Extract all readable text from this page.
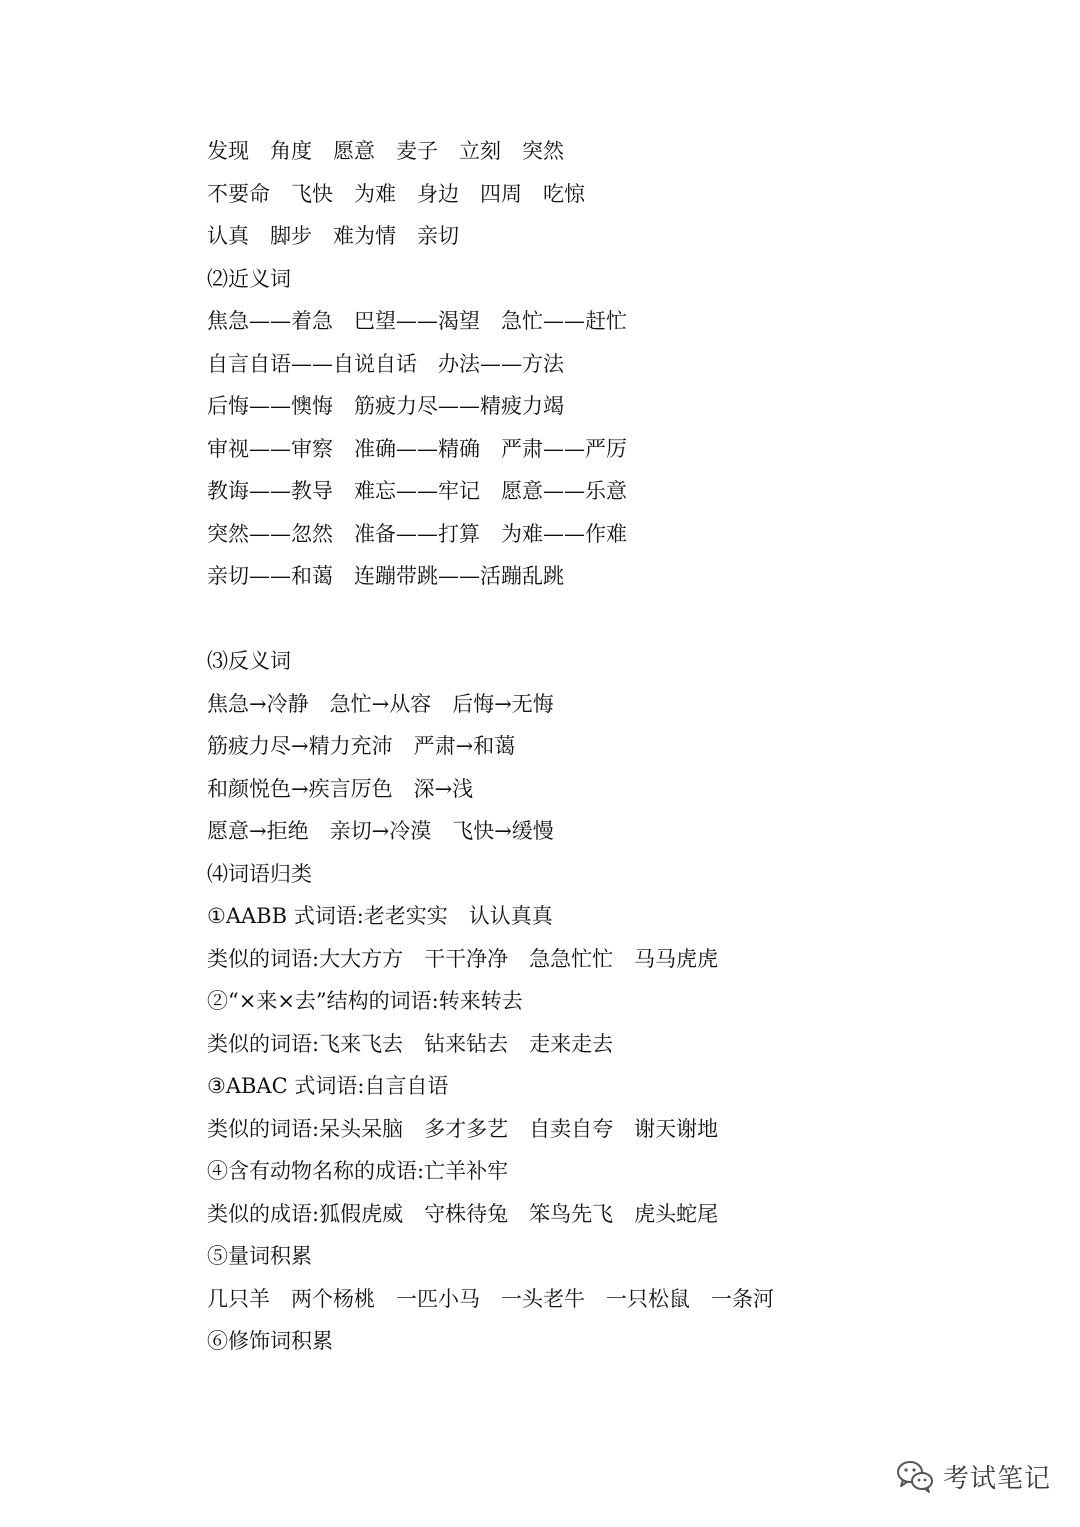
发现　角度　愿意　麦子　立刻　突然
不要命　飞快　为难　身边　四周　吃惊
认真　脚步　难为情　亲切
⑵近义词
焦急——着急　巴望——渴望　急忙——赶忙
自言自语——自说自话　办法——方法
后悔——懊悔　筋疲力尽——精疲力竭
审视——审察　准确——精确　严肃——严厉
教诲——教导　难忘——牢记　愿意——乐意
突然——忽然　准备——打算　为难——作难
亲切——和蔼　连蹦带跳——活蹦乱跳
⑶反义词
焦急→冷静　急忙→从容　后悔→无悔
筋疲力尽→精力充沛　严肃→和蔼
和颜悦色→疾言厉色　深→浅
愿意→拒绝　亲切→冷漠　飞快→缓慢
⑷词语归类
①AABB 式词语:老老实实　认认真真
类似的词语:大大方方　干干净净　急急忙忙　马马虎虎
②“×来×去”结构的词语:转来转去
类似的词语:飞来飞去　钻来钻去　走来走去
③ABAC 式词语:自言自语
类似的词语:呆头呆脑　多才多艺　自卖自夸　谢天谢地
④含有动物名称的成语:亡羊补牢
类似的成语:狐假虎威　守株待兔　笨鸟先飞　虎头蛇尾
⑤量词积累
几只羊　两个杨桃　一匹小马　一头老牛　一只松鼠　一条河
⑥修饰词积累
考试笔记
